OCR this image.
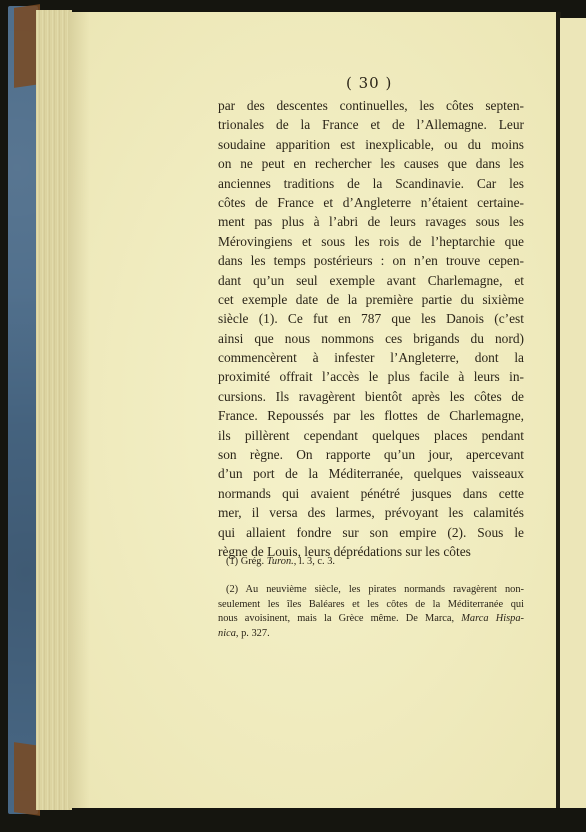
( 30 )
par des descentes continuelles, les côtes septen-
trionales de la France et de l’Allemagne. Leur
soudaine apparition est inexplicable, ou du moins
on ne peut en rechercher les causes que dans les
anciennes traditions de la Scandinavie. Car les
côtes de France et d’Angleterre n’étaient certaine-
ment pas plus à l’abri de leurs ravages sous les
Mérovingiens et sous les rois de l’heptarchie que
dans les temps postérieurs : on n’en trouve cepen-
dant qu’un seul exemple avant Charlemagne, et
cet exemple date de la première partie du sixième
siècle (1). Ce fut en 787 que les Danois (c’est
ainsi que nous nommons ces brigands du nord)
commencèrent à infester l’Angleterre, dont la
proximité offrait l’accès le plus facile à leurs in-
cursions. Ils ravagèrent bientôt après les côtes de
France. Repoussés par les flottes de Charlemagne,
ils pillèrent cependant quelques places pendant
son règne. On rapporte qu’un jour, apercevant
d’un port de la Méditerranée, quelques vaisseaux
normands qui avaient pénétré jusques dans cette
mer, il versa des larmes, prévoyant les calamités
qui allaient fondre sur son empire (2). Sous le
règne de Louis, leurs déprédations sur les côtes
(1) Grég. Turon., l. 3, c. 3.
(2) Au neuvième siècle, les pirates normands ravagèrent non-
seulement les îles Baléares et les côtes de la Méditerranée qui
nous avoisinent, mais la Grèce même. De Marca, Marca Hispa-
nica, p. 327.
